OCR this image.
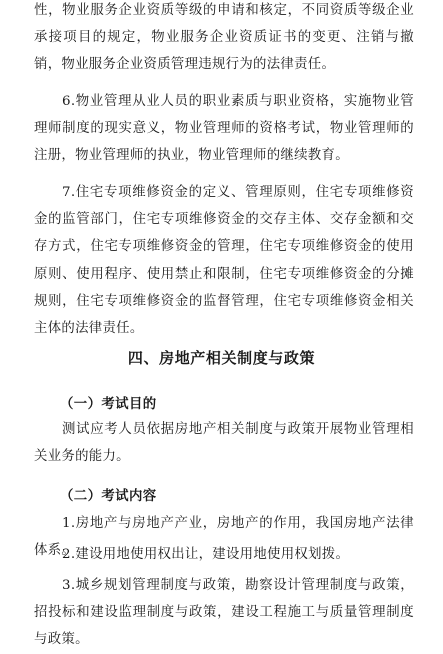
性，物业服务企业资质等级的申请和核定，不同资质等级企业承接项目的规定，物业服务企业资质证书的变更、注销与撤销，物业服务企业资质管理违规行为的法律责任。

6.物业管理从业人员的职业素质与职业资格，实施物业管理师制度的现实意义，物业管理师的资格考试，物业管理师的注册，物业管理师的执业，物业管理师的继续教育。

7.住宅专项维修资金的定义、管理原则，住宅专项维修资金的监管部门，住宅专项维修资金的交存主体、交存金额和交存方式，住宅专项维修资金的管理，住宅专项维修资金的使用原则、使用程序、使用禁止和限制，住宅专项维修资金的分摊规则，住宅专项维修资金的监督管理，住宅专项维修资金相关主体的法律责任。

四、房地产相关制度与政策
（一）考试目的

测试应考人员依据房地产相关制度与政策开展物业管理相关业务的能力。

（二）考试内容

1.房地产与房地产产业，房地产的作用，我国房地产法律体系。

2.建设用地使用权出让，建设用地使用权划拨。

3.城乡规划管理制度与政策，勘察设计管理制度与政策，招投标和建设监理制度与政策，建设工程施工与质量管理制度与政策。
